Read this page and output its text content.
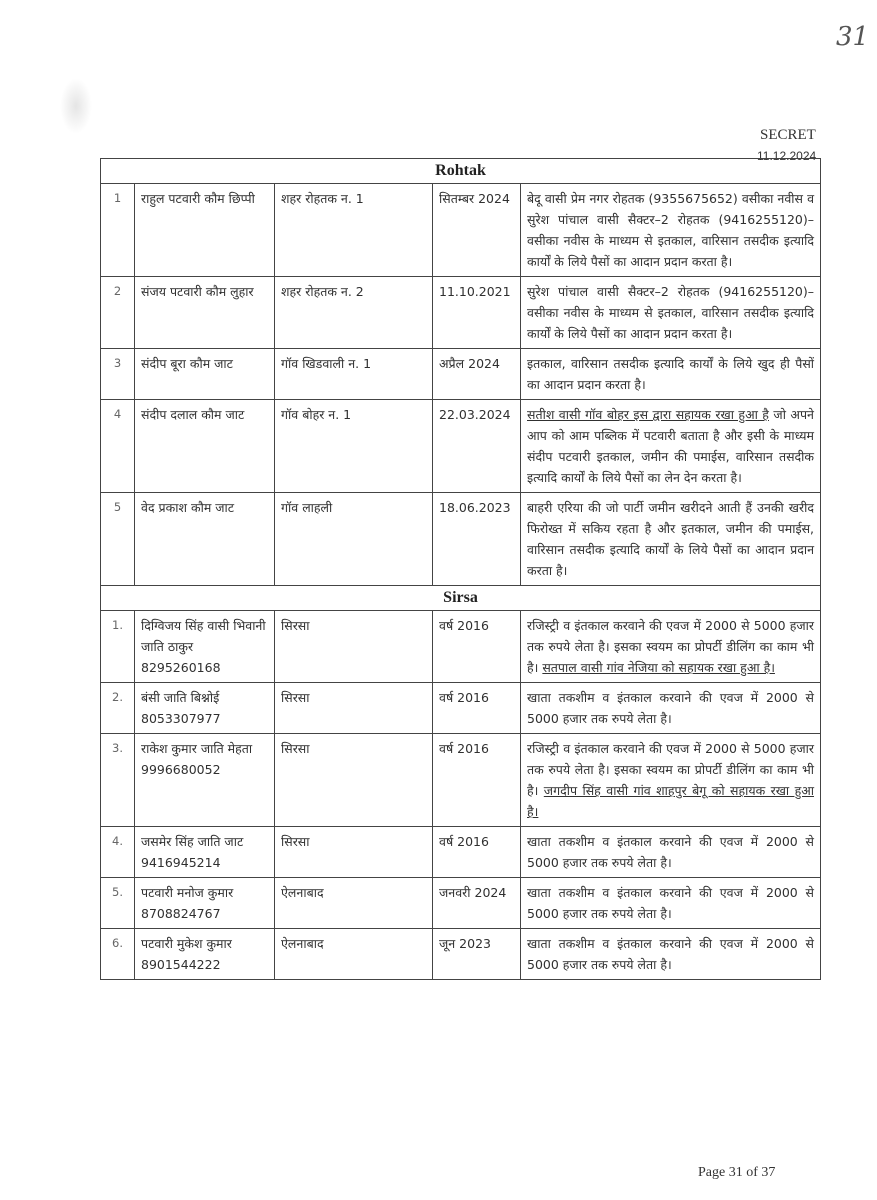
31
SECRET
11.12.2024
Rohtak				
1	राहुल पटवारी कौम छिप्पी	शहर रोहतक न. 1	सितम्बर 2024	बेदू वासी प्रेम नगर रोहतक (9355675652) वसीका नवीस व सुरेश पांचाल वासी सैक्टर–2 रोहतक (9416255120)–वसीका नवीस के माध्यम से इतकाल, वारिसान तसदीक इत्यादि कार्यों के लिये पैसों का आदान प्रदान करता है।
2	संजय पटवारी कौम लुहार	शहर रोहतक न. 2	11.10.2021	सुरेश पांचाल वासी सैक्टर–2 रोहतक (9416255120)–वसीका नवीस के माध्यम से इतकाल, वारिसान तसदीक इत्यादि कार्यों के लिये पैसों का आदान प्रदान करता है।
3	संदीप बूरा कौम जाट	गॉव खिडवाली न. 1	अप्रैल 2024	इतकाल, वारिसान तसदीक इत्यादि कार्यों के लिये खुद ही पैसों का आदान प्रदान करता है।
4	संदीप दलाल कौम जाट	गॉव बोहर न. 1	22.03.2024	सतीश वासी गॉव बोहर इस द्वारा सहायक रखा हुआ है जो अपने आप को आम पब्लिक में पटवारी बताता है और इसी के माध्यम संदीप पटवारी इतकाल, जमीन की पमाईस, वारिसान तसदीक इत्यादि कार्यों के लिये पैसों का लेन देन करता है।
5	वेद प्रकाश कौम जाट	गॉव लाहली	18.06.2023	बाहरी एरिया की जो पार्टी जमीन खरीदने आती हैं उनकी खरीद फिरोख्त में सकिय रहता है और इतकाल, जमीन की पमाईस, वारिसान तसदीक इत्यादि कार्यों के लिये पैसों का आदान प्रदान करता है।
Sirsa				
1.	दिग्विजय सिंह वासी भिवानी जाति ठाकुर 8295260168	सिरसा	वर्ष 2016	रजिस्ट्री व इंतकाल करवाने की एवज में 2000 से 5000 हजार तक रुपये लेता है। इसका स्वयम का प्रोपर्टी डीलिंग का काम भी है। सतपाल वासी गांव नेजिया को सहायक रखा हुआ है।
2.	बंसी जाति बिश्नोई 8053307977	सिरसा	वर्ष 2016	खाता तकशीम व इंतकाल करवाने की एवज में 2000 से 5000 हजार तक रुपये लेता है।
3.	राकेश कुमार जाति मेहता 9996680052	सिरसा	वर्ष 2016	रजिस्ट्री व इंतकाल करवाने की एवज में 2000 से 5000 हजार तक रुपये लेता है। इसका स्वयम का प्रोपर्टी डीलिंग का काम भी है। जगदीप सिंह वासी गांव शाहपुर बेगू को सहायक रखा हुआ है।
4.	जसमेर सिंह जाति जाट 9416945214	सिरसा	वर्ष 2016	खाता तकशीम व इंतकाल करवाने की एवज में 2000 से 5000 हजार तक रुपये लेता है।
5.	पटवारी मनोज कुमार 8708824767	ऐलनाबाद	जनवरी 2024	खाता तकशीम व इंतकाल करवाने की एवज में 2000 से 5000 हजार तक रुपये लेता है।
6.	पटवारी मुकेश कुमार 8901544222	ऐलनाबाद	जून 2023	खाता तकशीम व इंतकाल करवाने की एवज में 2000 से 5000 हजार तक रुपये लेता है।
Page 31 of 37
